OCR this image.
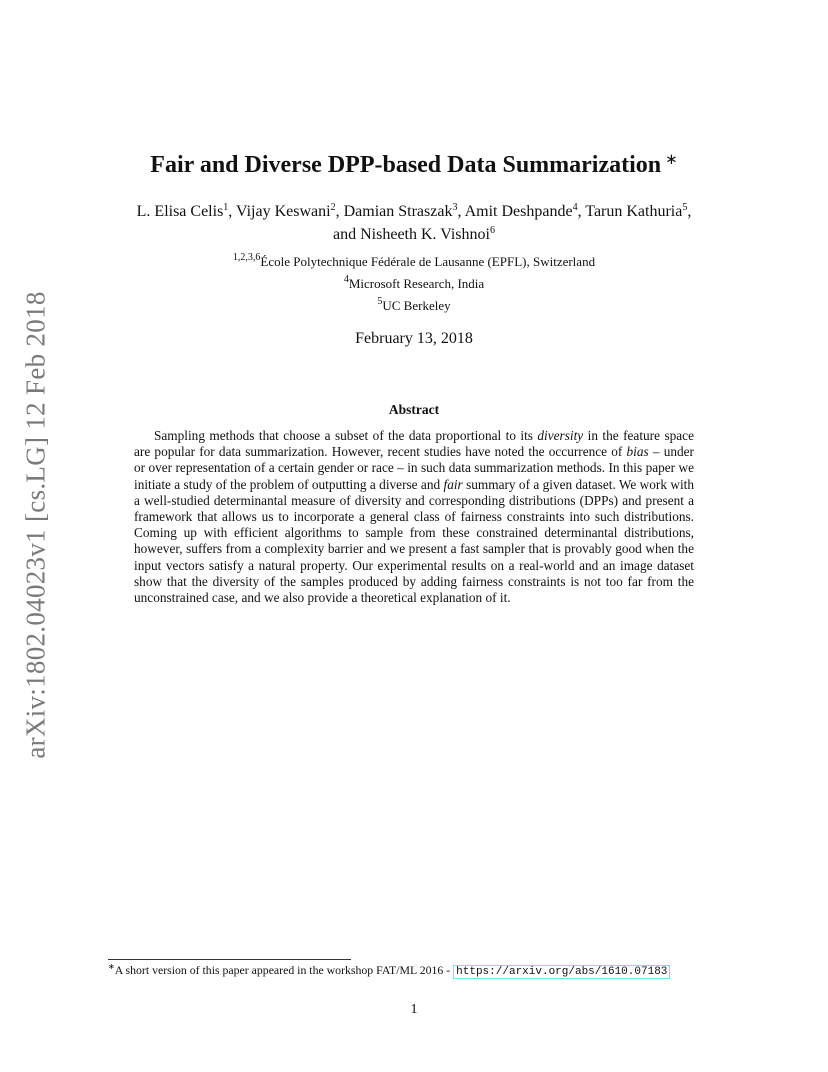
arXiv:1802.04023v1 [cs.LG] 12 Feb 2018
Fair and Diverse DPP-based Data Summarization ∗
L. Elisa Celis$^1$, Vijay Keswani$^2$, Damian Straszak$^3$, Amit Deshpande$^4$, Tarun Kathuria$^5$,
and Nisheeth K. Vishnoi$^6$
$^{1,2,3,6}$École Polytechnique Fédérale de Lausanne (EPFL), Switzerland
$^4$Microsoft Research, India
$^5$UC Berkeley
February 13, 2018
Abstract

Sampling methods that choose a subset of the data proportional to its diversity in the feature space are popular for data summarization. However, recent studies have noted the occurrence of bias – under or over representation of a certain gender or race – in such data summarization methods. In this paper we initiate a study of the problem of outputting a diverse and fair summary of a given dataset. We work with a well-studied determinantal measure of diversity and corresponding distributions (DPPs) and present a framework that allows us to incorporate a general class of fairness constraints into such distributions. Coming up with efficient algorithms to sample from these constrained determinantal distributions, however, suffers from a complexity barrier and we present a fast sampler that is provably good when the input vectors satisfy a natural property. Our experimental results on a real-world and an image dataset show that the diversity of the samples produced by adding fairness constraints is not too far from the unconstrained case, and we also provide a theoretical explanation of it.

∗A short version of this paper appeared in the workshop FAT/ML 2016 - https://arxiv.org/abs/1610.07183
1
